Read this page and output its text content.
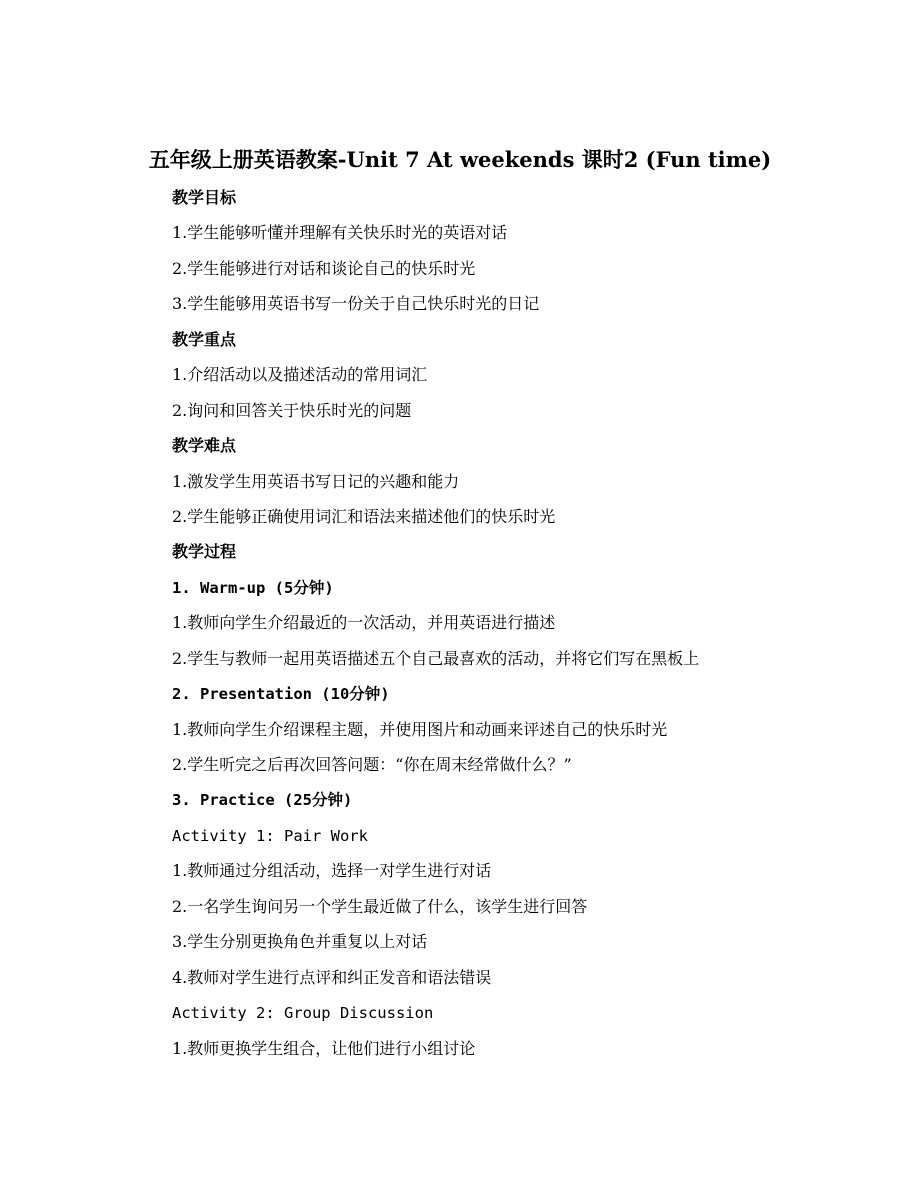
五年级上册英语教案-Unit 7 At weekends 课时2 (Fun time)
教学目标
1.学生能够听懂并理解有关快乐时光的英语对话
2.学生能够进行对话和谈论自己的快乐时光
3.学生能够用英语书写一份关于自己快乐时光的日记
教学重点
1.介绍活动以及描述活动的常用词汇
2.询问和回答关于快乐时光的问题
教学难点
1.激发学生用英语书写日记的兴趣和能力
2.学生能够正确使用词汇和语法来描述他们的快乐时光
教学过程
1. Warm-up (5分钟)
1.教师向学生介绍最近的一次活动，并用英语进行描述
2.学生与教师一起用英语描述五个自己最喜欢的活动，并将它们写在黑板上
2. Presentation (10分钟)
1.教师向学生介绍课程主题，并使用图片和动画来评述自己的快乐时光
2.学生听完之后再次回答问题：“你在周末经常做什么？”
3. Practice (25分钟)
Activity 1: Pair Work
1.教师通过分组活动，选择一对学生进行对话
2.一名学生询问另一个学生最近做了什么，该学生进行回答
3.学生分别更换角色并重复以上对话
4.教师对学生进行点评和纠正发音和语法错误
Activity 2: Group Discussion
1.教师更换学生组合，让他们进行小组讨论
